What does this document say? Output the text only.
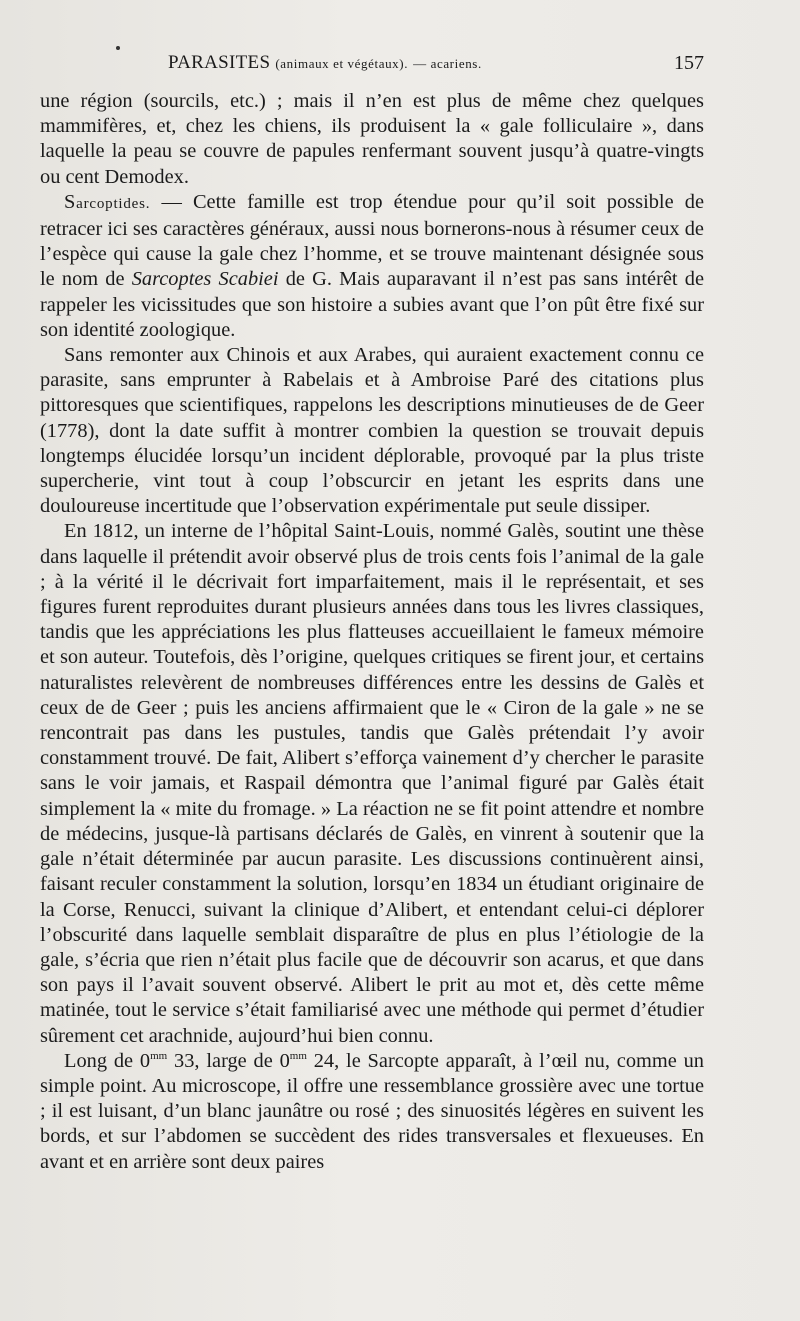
PARASITES (animaux et végétaux). — acariens.	157

une région (sourcils, etc.) ; mais il n’en est plus de même chez quelques mammifères, et, chez les chiens, ils produisent la « gale folliculaire », dans laquelle la peau se couvre de papules renfermant souvent jusqu’à quatre-vingts ou cent Demodex.

Sarcoptides. — Cette famille est trop étendue pour qu’il soit possible de retracer ici ses caractères généraux, aussi nous bornerons-nous à résumer ceux de l’espèce qui cause la gale chez l’homme, et se trouve maintenant désignée sous le nom de Sarcoptes Scabiei de G. Mais auparavant il n’est pas sans intérêt de rappeler les vicissitudes que son histoire a subies avant que l’on pût être fixé sur son identité zoologique.

Sans remonter aux Chinois et aux Arabes, qui auraient exactement connu ce parasite, sans emprunter à Rabelais et à Ambroise Paré des citations plus pittoresques que scientifiques, rappelons les descriptions minutieuses de de Geer (1778), dont la date suffit à montrer combien la question se trouvait depuis longtemps élucidée lorsqu’un incident déplorable, provoqué par la plus triste supercherie, vint tout à coup l’obscurcir en jetant les esprits dans une douloureuse incertitude que l’observation expérimentale put seule dissiper.

En 1812, un interne de l’hôpital Saint-Louis, nommé Galès, soutint une thèse dans laquelle il prétendit avoir observé plus de trois cents fois l’animal de la gale ; à la vérité il le décrivait fort imparfaitement, mais il le représentait, et ses figures furent reproduites durant plusieurs années dans tous les livres classiques, tandis que les appréciations les plus flatteuses accueillaient le fameux mémoire et son auteur. Toutefois, dès l’origine, quelques critiques se firent jour, et certains naturalistes relevèrent de nombreuses différences entre les dessins de Galès et ceux de de Geer ; puis les anciens affirmaient que le « Ciron de la gale » ne se rencontrait pas dans les pustules, tandis que Galès prétendait l’y avoir constamment trouvé. De fait, Alibert s’efforça vainement d’y chercher le parasite sans le voir jamais, et Raspail démontra que l’animal figuré par Galès était simplement la « mite du fromage. » La réaction ne se fit point attendre et nombre de médecins, jusque-là partisans déclarés de Galès, en vinrent à soutenir que la gale n’était déterminée par aucun parasite. Les discussions continuèrent ainsi, faisant reculer constamment la solution, lorsqu’en 1834 un étudiant originaire de la Corse, Renucci, suivant la clinique d’Alibert, et entendant celui-ci déplorer l’obscurité dans laquelle semblait disparaître de plus en plus l’étiologie de la gale, s’écria que rien n’était plus facile que de découvrir son acarus, et que dans son pays il l’avait souvent observé. Alibert le prit au mot et, dès cette même matinée, tout le service s’était familiarisé avec une méthode qui permet d’étudier sûrement cet arachnide, aujourd’hui bien connu.

Long de $0^{mm}$ 33, large de $0^{mm}$ 24, le Sarcopte apparaît, à l’œil nu, comme un simple point. Au microscope, il offre une ressemblance grossière avec une tortue ; il est luisant, d’un blanc jaunâtre ou rosé ; des sinuosités légères en suivent les bords, et sur l’abdomen se succèdent des rides transversales et flexueuses. En avant et en arrière sont deux paires
